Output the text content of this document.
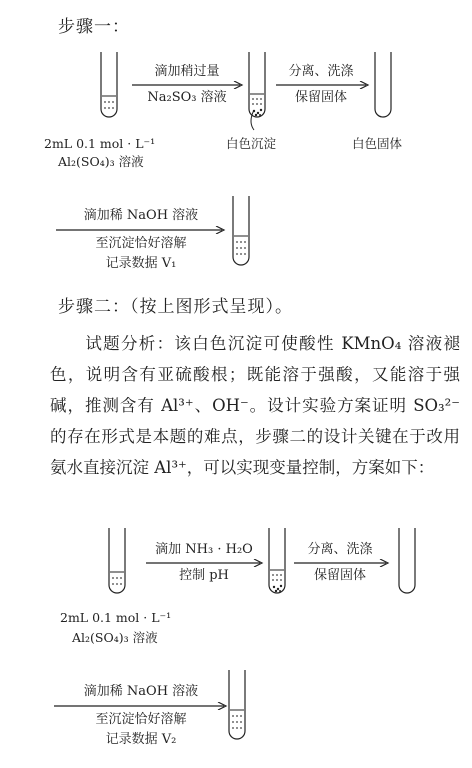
步骤一：
滴加稍过量
Na₂SO₃ 溶液
分离、洗涤
保留固体
2mL 0.1 mol · L⁻¹
Al₂(SO₄)₃ 溶液
白色沉淀	白色固体
滴加稀 NaOH 溶液
至沉淀恰好溶解
记录数据 V₁
步骤二：（按上图形式呈现）。
试题分析：该白色沉淀可使酸性 KMnO₄ 溶液褪色，说明含有亚硫酸根；既能溶于强酸，又能溶于强碱，推测含有 Al³⁺、OH⁻。设计实验方案证明 SO₃²⁻ 的存在形式是本题的难点，步骤二的设计关键在于改用氨水直接沉淀 Al³⁺，可以实现变量控制，方案如下：
滴加 NH₃ · H₂O
控制 pH
分离、洗涤
保留固体
2mL 0.1 mol · L⁻¹
Al₂(SO₄)₃ 溶液
滴加稀 NaOH 溶液
至沉淀恰好溶解
记录数据 V₂
